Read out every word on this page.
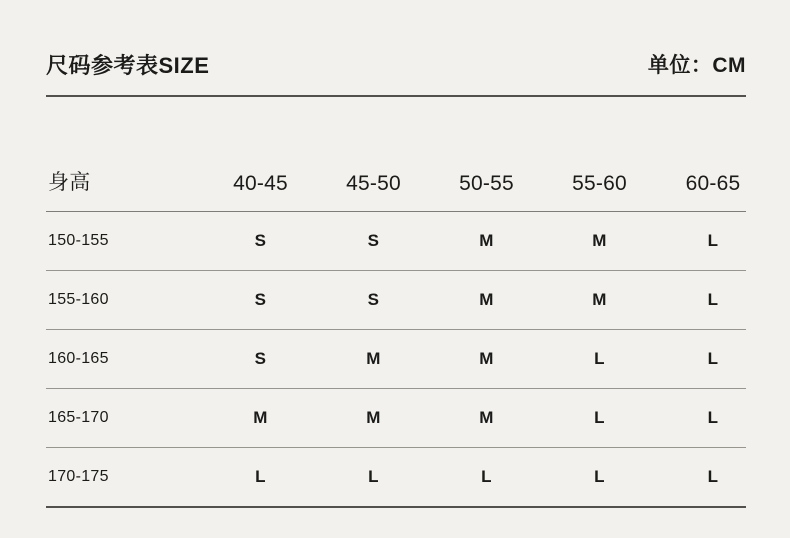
尺码参考表SIZE	单位：CM
身高	40-45	45-50	50-55	55-60	60-65
150-155	S	S	M	M	L
155-160	S	S	M	M	L
160-165	S	M	M	L	L
165-170	M	M	M	L	L
170-175	L	L	L	L	L
